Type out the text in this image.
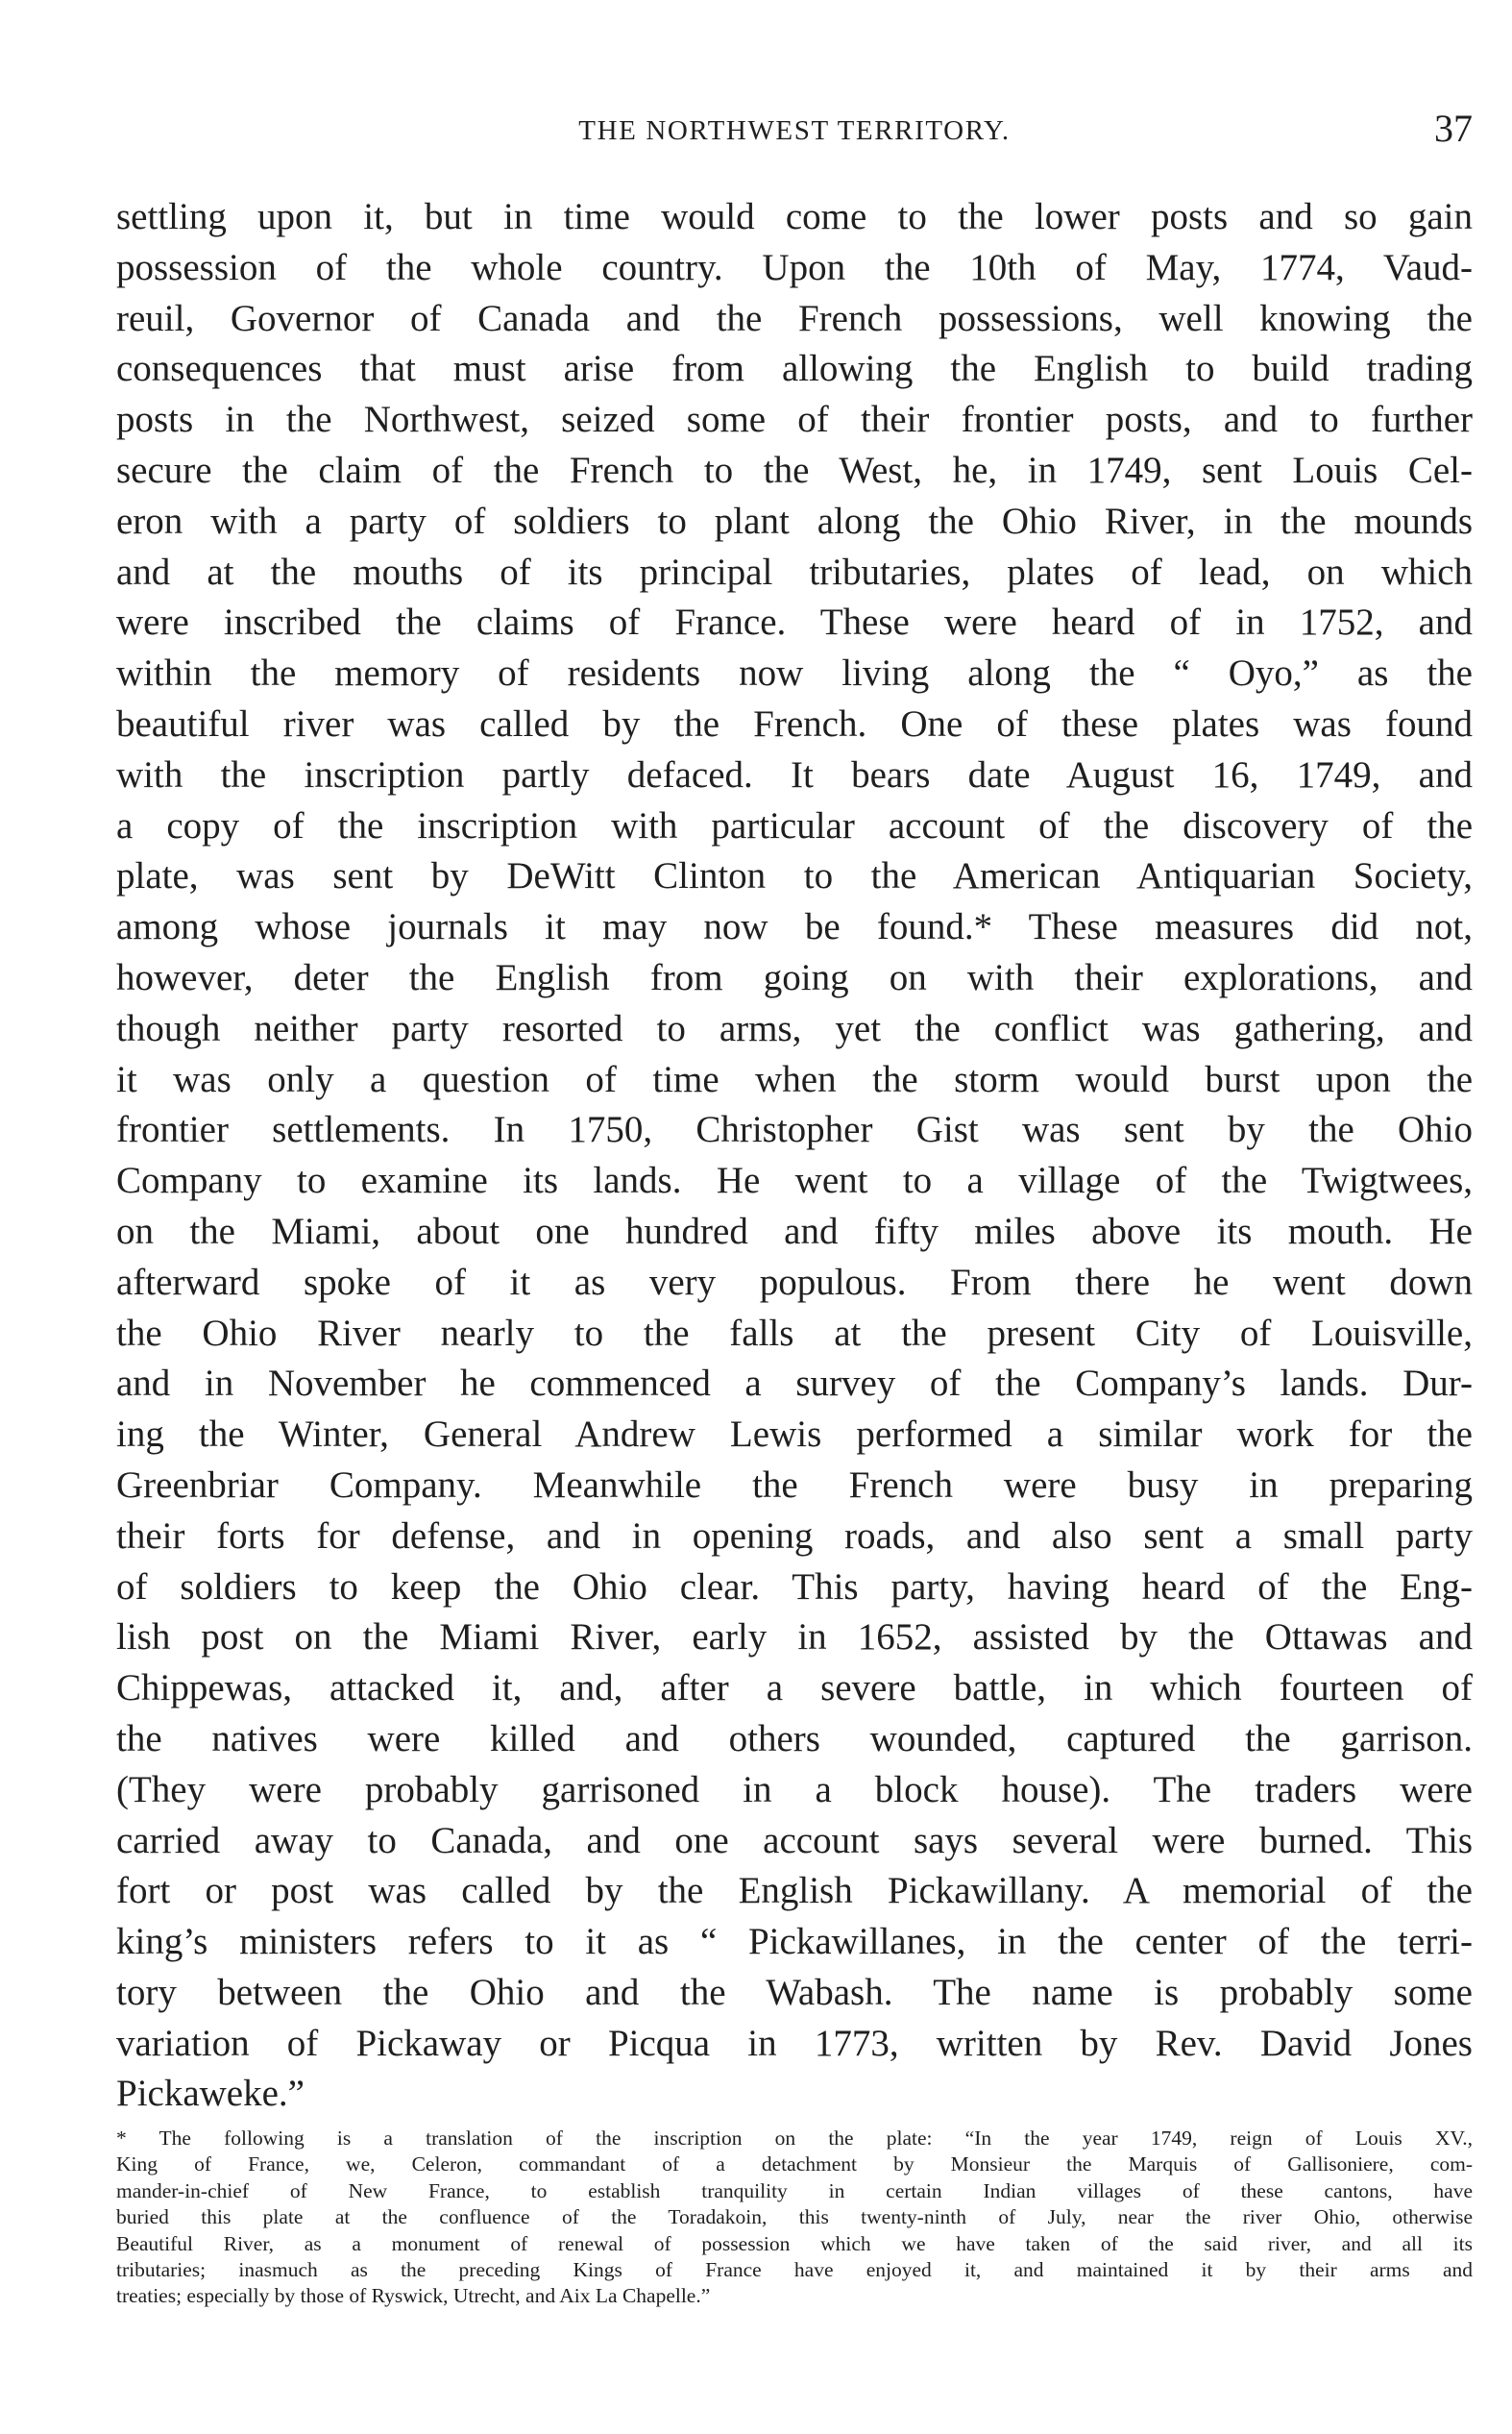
THE NORTHWEST TERRITORY.	37
settling upon it, but in time would come to the lower posts and so gain
possession of the whole country. Upon the 10th of May, 1774, Vaud-
reuil, Governor of Canada and the French possessions, well knowing the
consequences that must arise from allowing the English to build trading
posts in the Northwest, seized some of their frontier posts, and to further
secure the claim of the French to the West, he, in 1749, sent Louis Cel-
eron with a party of soldiers to plant along the Ohio River, in the mounds
and at the mouths of its principal tributaries, plates of lead, on which
were inscribed the claims of France. These were heard of in 1752, and
within the memory of residents now living along the “ Oyo,” as the
beautiful river was called by the French. One of these plates was found
with the inscription partly defaced. It bears date August 16, 1749, and
a copy of the inscription with particular account of the discovery of the
plate, was sent by DeWitt Clinton to the American Antiquarian Society,
among whose journals it may now be found.* These measures did not,
however, deter the English from going on with their explorations, and
though neither party resorted to arms, yet the conflict was gathering, and
it was only a question of time when the storm would burst upon the
frontier settlements. In 1750, Christopher Gist was sent by the Ohio
Company to examine its lands. He went to a village of the Twigtwees,
on the Miami, about one hundred and fifty miles above its mouth. He
afterward spoke of it as very populous. From there he went down
the Ohio River nearly to the falls at the present City of Louisville,
and in November he commenced a survey of the Company’s lands. Dur-
ing the Winter, General Andrew Lewis performed a similar work for the
Greenbriar Company. Meanwhile the French were busy in preparing
their forts for defense, and in opening roads, and also sent a small party
of soldiers to keep the Ohio clear. This party, having heard of the Eng-
lish post on the Miami River, early in 1652, assisted by the Ottawas and
Chippewas, attacked it, and, after a severe battle, in which fourteen of
the natives were killed and others wounded, captured the garrison.
(They were probably garrisoned in a block house). The traders were
carried away to Canada, and one account says several were burned. This
fort or post was called by the English Pickawillany. A memorial of the
king’s ministers refers to it as “ Pickawillanes, in the center of the terri-
tory between the Ohio and the Wabash. The name is probably some
variation of Pickaway or Picqua in 1773, written by Rev. David Jones
Pickaweke.”
* The following is a translation of the inscription on the plate: “In the year 1749, reign of Louis XV.,
King of France, we, Celeron, commandant of a detachment by Monsieur the Marquis of Gallisoniere, com-
mander-in-chief of New France, to establish tranquility in certain Indian villages of these cantons, have
buried this plate at the confluence of the Toradakoin, this twenty-ninth of July, near the river Ohio, otherwise
Beautiful River, as a monument of renewal of possession which we have taken of the said river, and all its
tributaries; inasmuch as the preceding Kings of France have enjoyed it, and maintained it by their arms and
treaties; especially by those of Ryswick, Utrecht, and Aix La Chapelle.”
